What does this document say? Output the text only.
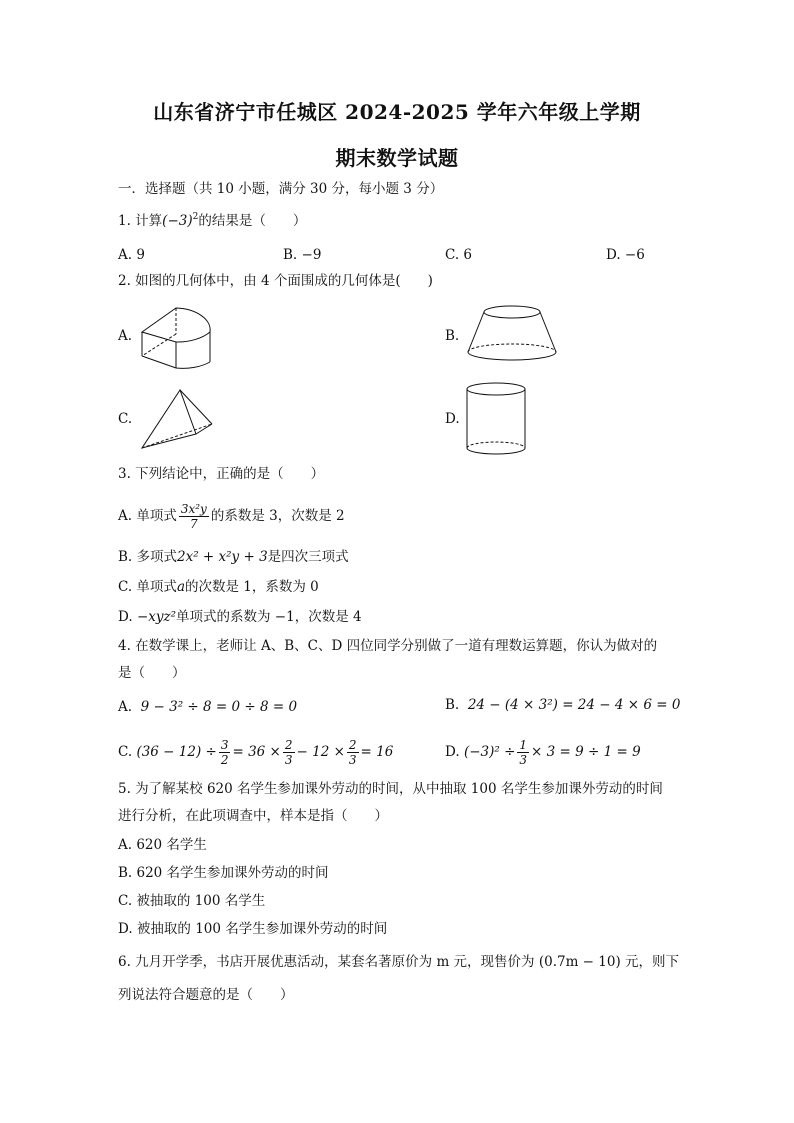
山东省济宁市任城区 2024-2025 学年六年级上学期
期末数学试题
一．选择题（共 10 小题，满分 30 分，每小题 3 分）
1. 计算$(-3)^2$的结果是（　　）
A. 9	B. −9	C. 6	D. −6
2. 如图的几何体中，由 4 个面围成的几何体是(　　)
A.	B.
C.	D.
3. 下列结论中，正确的是（　　）
A. 单项式 $\frac{\text{3x²y}}{7}$ 的系数是 3，次数是 2
B. 多项式2x² + x²y + 3是四次三项式
C. 单项式a的次数是 1，系数为 0
D. −xyz²单项式的系数为 −1，次数是 4
4. 在数学课上，老师让 A、B、C、D 四位同学分别做了一道有理数运算题，你认为做对的
是（　　）
A. 9 − 3² ÷ 8 = 0 ÷ 8 = 0	B. 24 − (4 × 3²) = 24 − 4 × 6 = 0
C. $(36 - 12) \div \frac{3}{2} = 36 \times \frac{2}{3} - 12 \times \frac{2}{3} = 16$	D. $(-3)^2 \div \frac{1}{3} \times 3 = 9 \div 1 = 9$
5. 为了解某校 620 名学生参加课外劳动的时间，从中抽取 100 名学生参加课外劳动的时间
进行分析，在此项调查中，样本是指（　　）
A. 620 名学生
B. 620 名学生参加课外劳动的时间
C. 被抽取的 100 名学生
D. 被抽取的 100 名学生参加课外劳动的时间
6. 九月开学季，书店开展优惠活动，某套名著原价为 m 元，现售价为 (0.7m − 10) 元，则下
列说法符合题意的是（　　）
